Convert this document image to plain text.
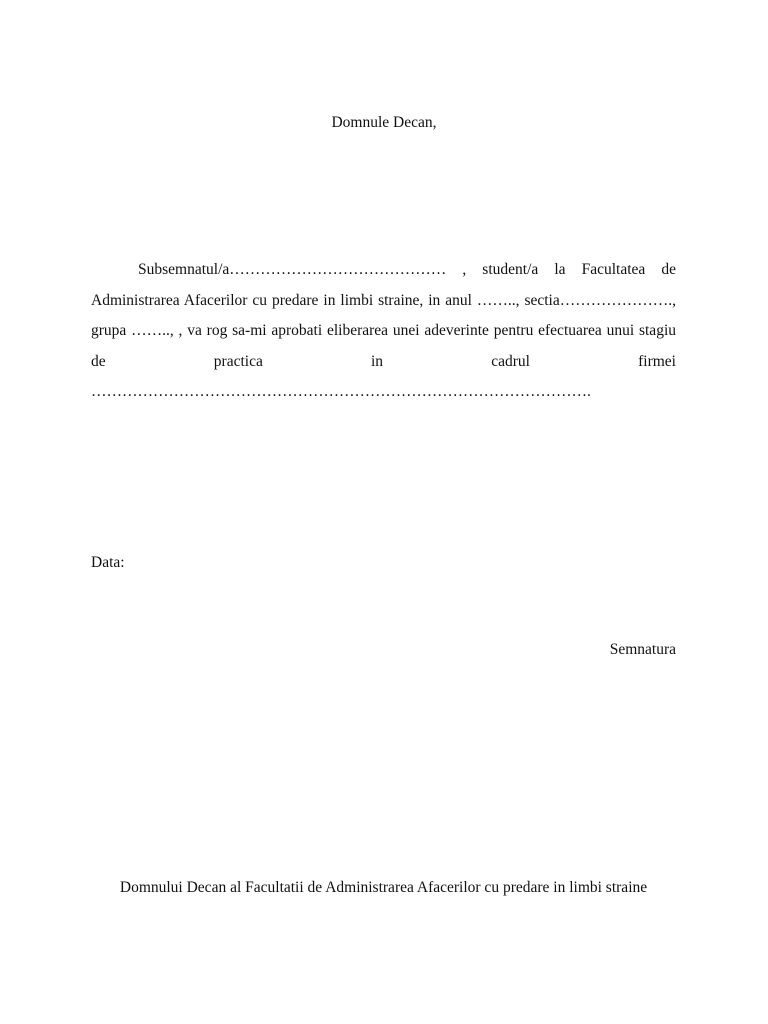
Domnule Decan,
Subsemnatul/a…………………………………… , student/a la Facultatea de Administrarea Afacerilor cu predare in limbi straine, in anul …….., sectia…………………., grupa …….., , va rog sa-mi aprobati eliberarea unei adeverinte pentru efectuarea unui stagiu de practica in cadrul firmei …………………………………………………………………………………….
Data:
Semnatura
Domnului Decan al Facultatii de Administrarea Afacerilor cu predare in limbi straine
